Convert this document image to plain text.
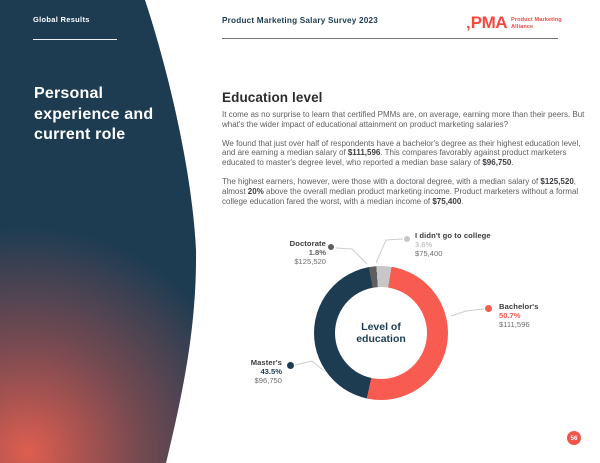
Global Results	Product Marketing Salary Survey 2023	‚ PMA Product Marketing
Alliance
Personal experience and current role
Education level

It come as no surprise to learn that certified PMMs are, on average, earning more than their peers. But what's the wider impact of educational attainment on product marketing salaries?

We found that just over half of respondents have a bachelor's degree as their highest education level, and are earning a median salary of $111,596. This compares favorably against product marketers educated to master's degree level, who reported a median base salary of $96,750.

The highest earners, however, were those with a doctoral degree, with a median salary of $125,520, almost 20% above the overall median product marketing income. Product marketers without a formal college education fared the worst, with a median income of $75,400.

Level of
education
Doctorate
1.8%
$125,520
I didn't go to college
3.6%
$75,400
Bachelor's
50.7%
$111,596
Master's
43.5%
$96,750
56
